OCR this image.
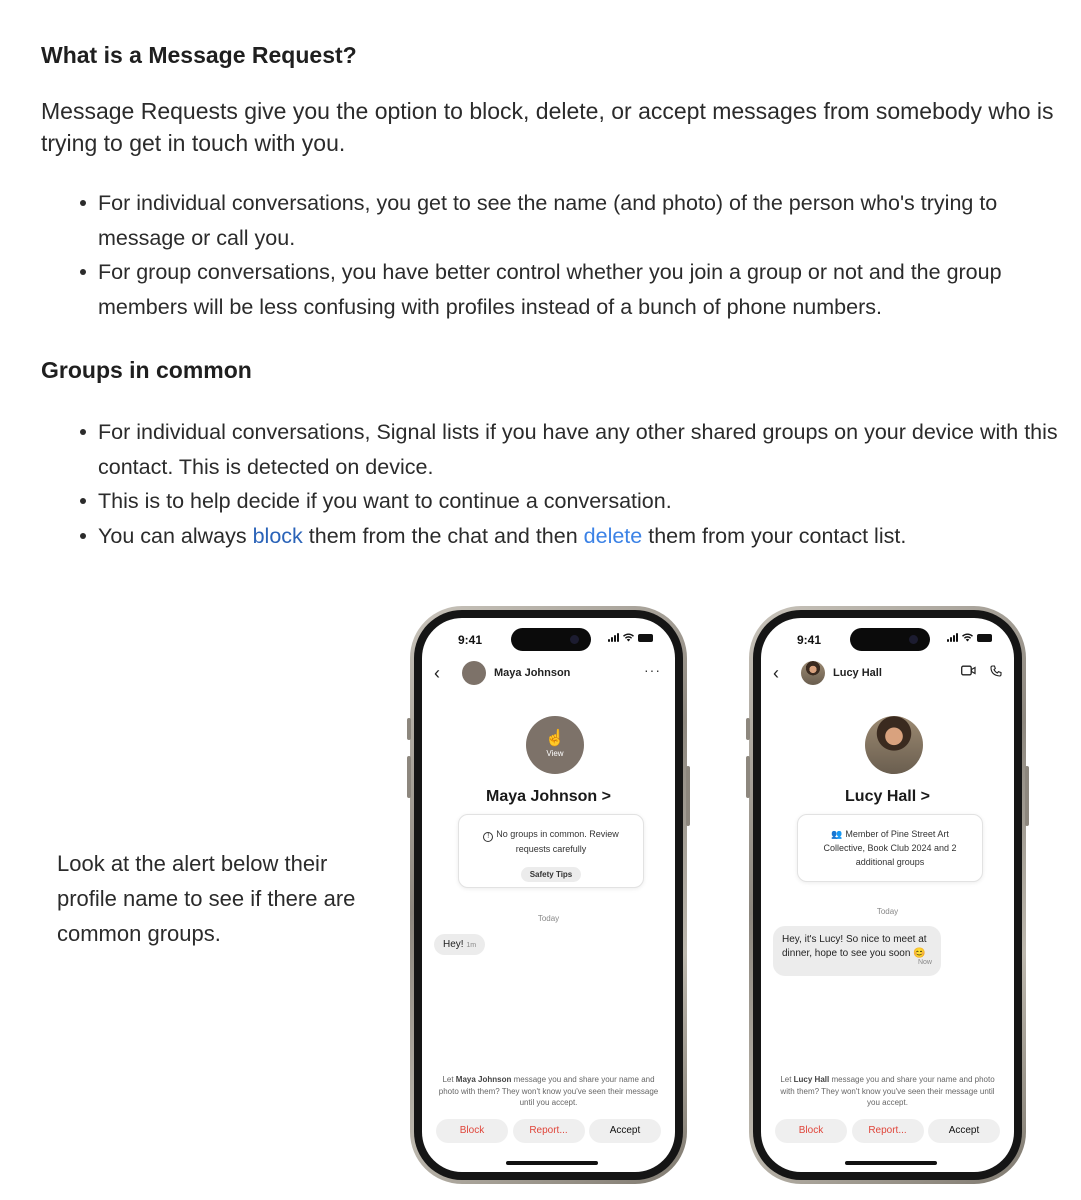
What is a Message Request?
Message Requests give you the option to block, delete, or accept messages from somebody who is trying to get in touch with you.
For individual conversations, you get to see the name (and photo) of the person who's trying to message or call you.
For group conversations, you have better control whether you join a group or not and the group members will be less confusing with profiles instead of a bunch of phone numbers.
Groups in common
For individual conversations, Signal lists if you have any other shared groups on your device with this contact. This is detected on device.
This is to help decide if you want to continue a conversation.
You can always block them from the chat and then delete them from your contact list.
Look at the alert below their profile name to see if there are common groups.
9:41
‹	Maya Johnson	···
☝
View
Maya Johnson >
! No groups in common. Review requests carefully
Safety Tips
Today
Hey! 1m
Let Maya Johnson message you and share your name and photo with them? They won't know you've seen their message until you accept.
Block	Report...	Accept
9:41
‹	Lucy Hall
Lucy Hall >
👥 Member of Pine Street Art Collective, Book Club 2024 and 2 additional groups
Today
Hey, it's Lucy! So nice to meet at dinner, hope to see you soon 😊
Now
Let Lucy Hall message you and share your name and photo with them? They won't know you've seen their message until you accept.
Block	Report...	Accept
